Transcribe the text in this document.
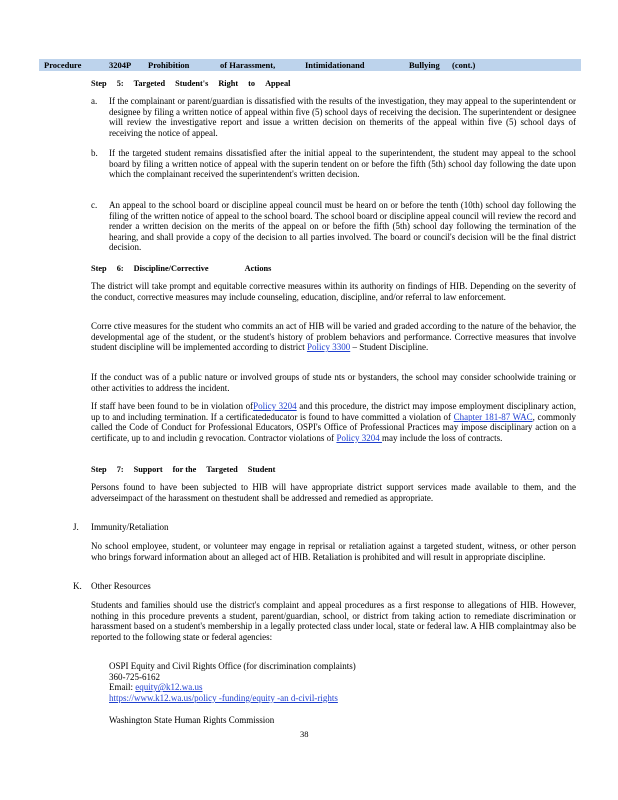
Procedure	3204P Prohibition	of Harassment,	Intimidationand	Bullying (cont.)
Step 5: Targeted Student's Right to Appeal
a. If the complainant or parent/guardian is dissatisfied with the results of the investigation, they may appeal to the superintendent or designee by filing a written notice of appeal within five (5) school days of receiving the decision. The superintendent or designee will review the investigative report and issue a written decision on themerits of the appeal within five (5) school days of receiving the notice of appeal.
b. If the targeted student remains dissatisfied after the initial appeal to the superintendent, the student may appeal to the school board by filing a written notice of appeal with the superin tendent on or before the fifth (5th) school day following the date upon which the complainant received the superintendent's written decision.
c. An appeal to the school board or discipline appeal council must be heard on or before the tenth (10th) school day following the filing of the written notice of appeal to the school board. The school board or discipline appeal council will review the record and render a written decision on the merits of the appeal on or before the fifth (5th) school day following the termination of the hearing, and shall provide a copy of the decision to all parties involved. The board or council's decision will be the final district decision.
Step 6: Discipline/Corrective	Actions
The district will take prompt and equitable corrective measures within its authority on findings of HIB. Depending on the severity of the conduct, corrective measures may include counseling, education, discipline, and/or referral to law enforcement.
Corre ctive measures for the student who commits an act of HIB will be varied and graded according to the nature of the behavior, the developmental age of the student, or the student's history of problem behaviors and performance. Corrective measures that involve student discipline will be implemented according to district Policy 3300 – Student Discipline.
If the conduct was of a public nature or involved groups of stude nts or bystanders, the school may consider schoolwide training or other activities to address the incident.
If staff have been found to be in violation ofPolicy 3204 and this procedure, the district may impose employment disciplinary action, up to and including termination. If a certificatededucator is found to have committed a violation of Chapter 181-87 WAC, commonly called the Code of Conduct for Professional Educators, OSPI's Office of Professional Practices may impose disciplinary action on a certificate, up to and includin g revocation. Contractor violations of Policy 3204 may include the loss of contracts.
Step 7: Support for the Targeted Student
Persons found to have been subjected to HIB will have appropriate district support services made available to them, and the adverseimpact of the harassment on thestudent shall be addressed and remedied as appropriate.
J. Immunity/Retaliation
No school employee, student, or volunteer may engage in reprisal or retaliation against a targeted student, witness, or other person who brings forward information about an alleged act of HIB. Retaliation is prohibited and will result in appropriate discipline.
K. Other Resources
Students and families should use the district's complaint and appeal procedures as a first response to allegations of HIB. However, nothing in this procedure prevents a student, parent/guardian, school, or district from taking action to remediate discrimination or harassment based on a student's membership in a legally protected class under local, state or federal law. A HIB complaintmay also be reported to the following state or federal agencies:
OSPI Equity and Civil Rights Office (for discrimination complaints)
360-725-6162
Email: equity@k12.wa.us
https://www.k12.wa.us/policy -funding/equity -an d-civil-rights
Washington State Human Rights Commission
38
